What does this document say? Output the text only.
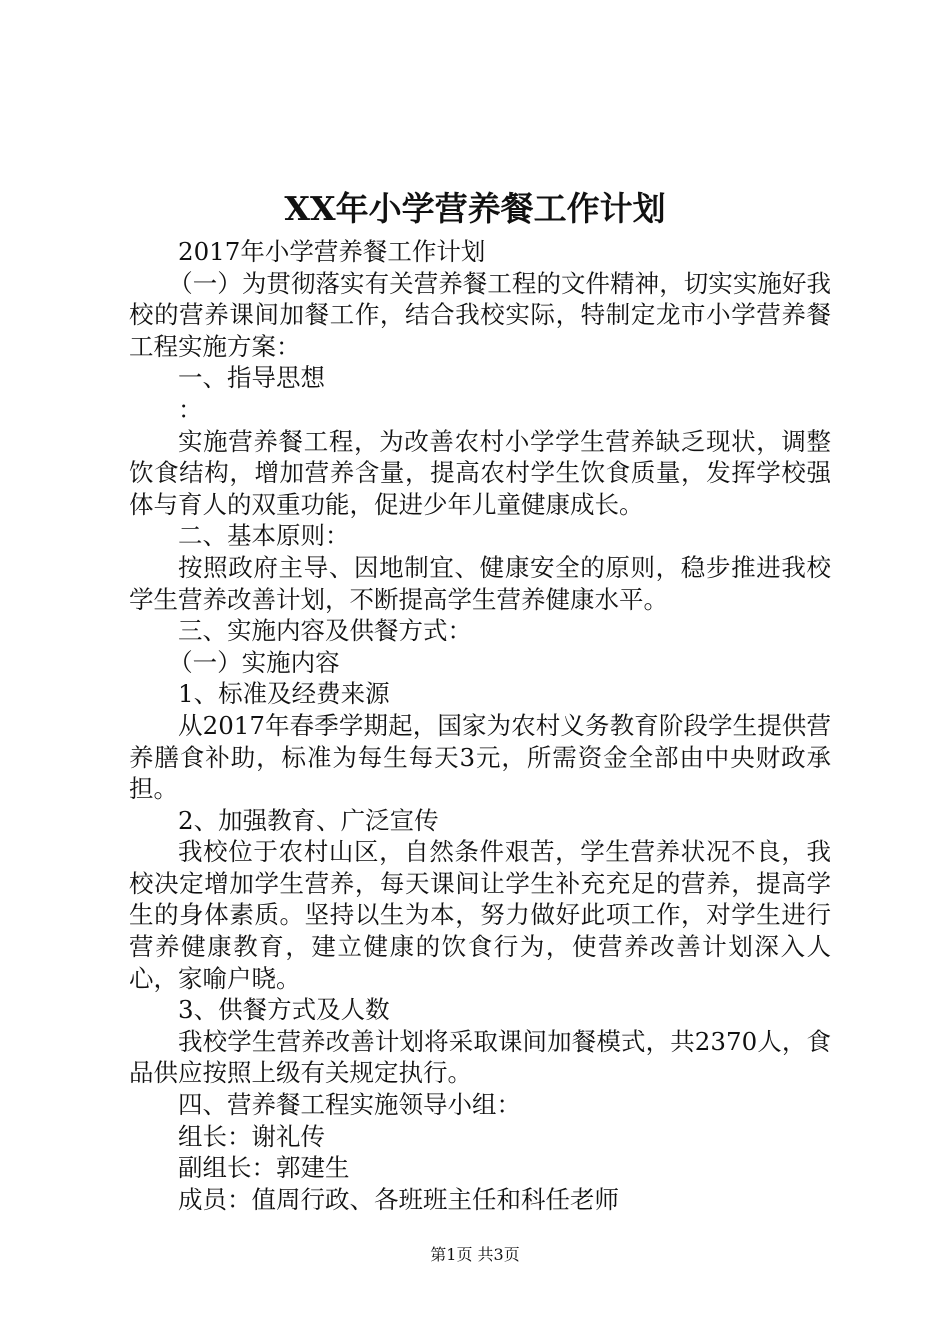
XX年小学营养餐工作计划

2017年小学营养餐工作计划

（一）为贯彻落实有关营养餐工程的文件精神，切实实施好我校的营养课间加餐工作，结合我校实际，特制定龙市小学营养餐工程实施方案：

一、指导思想

：

实施营养餐工程，为改善农村小学学生营养缺乏现状，调整饮食结构，增加营养含量，提高农村学生饮食质量，发挥学校强体与育人的双重功能，促进少年儿童健康成长。

二、基本原则：

按照政府主导、因地制宜、健康安全的原则，稳步推进我校学生营养改善计划，不断提高学生营养健康水平。

三、实施内容及供餐方式：

（一）实施内容

1、标准及经费来源

从2017年春季学期起，国家为农村义务教育阶段学生提供营养膳食补助，标准为每生每天3元，所需资金全部由中央财政承担。

2、加强教育、广泛宣传

我校位于农村山区，自然条件艰苦，学生营养状况不良，我校决定增加学生营养，每天课间让学生补充充足的营养，提高学生的身体素质。坚持以生为本，努力做好此项工作，对学生进行营养健康教育，建立健康的饮食行为，使营养改善计划深入人心，家喻户晓。

3、供餐方式及人数

我校学生营养改善计划将采取课间加餐模式，共2370人，食品供应按照上级有关规定执行。

四、营养餐工程实施领导小组：

组长：谢礼传

副组长：郭建生

成员：值周行政、各班班主任和科任老师

第1页 共3页
